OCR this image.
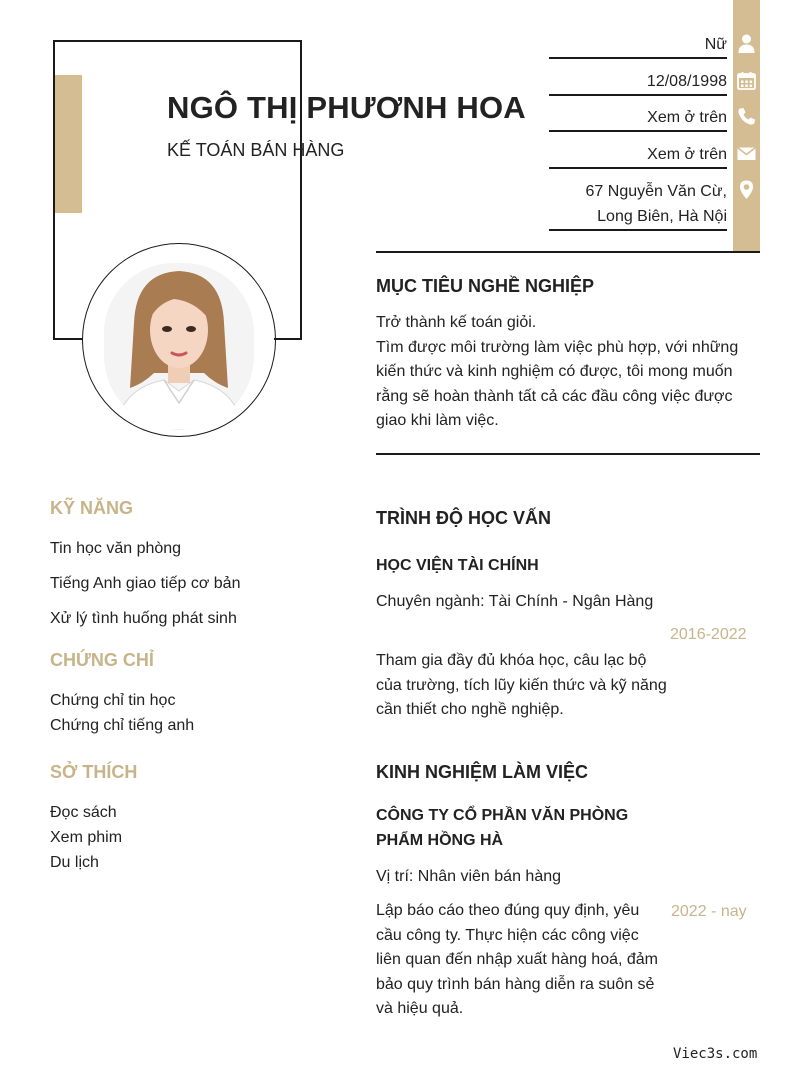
NGÔ THỊ PHƯƠNH HOA
KẾ TOÁN BÁN HÀNG
Nữ
12/08/1998
Xem ở trên
Xem ở trên
67 Nguyễn Văn Cừ,
Long Biên, Hà Nội
MỤC TIÊU NGHỀ NGHIỆP
Trở thành kế toán giỏi.
Tìm được môi trường làm việc phù hợp, với những kiến thức và kinh nghiệm có được, tôi mong muốn rằng sẽ hoàn thành tất cả các đầu công việc được giao khi làm việc.
KỸ NĂNG
Tin học văn phòng
Tiếng Anh giao tiếp cơ bản
Xử lý tình huống phát sinh
CHỨNG CHỈ
Chứng chỉ tin học
Chứng chỉ tiếng anh
SỞ THÍCH
Đọc sách
Xem phim
Du lịch
TRÌNH ĐỘ HỌC VẤN
HỌC VIỆN TÀI CHÍNH
Chuyên ngành: Tài Chính - Ngân Hàng
2016-2022
Tham gia đầy đủ khóa học, câu lạc bộ của trường, tích lũy kiến thức và kỹ năng cần thiết cho nghề nghiệp.
KINH NGHIỆM LÀM VIỆC
CÔNG TY CỔ PHẦN VĂN PHÒNG PHẨM HỒNG HÀ
Vị trí: Nhân viên bán hàng
2022 - nay
Lập báo cáo theo đúng quy định, yêu cầu công ty. Thực hiện các công việc liên quan đến nhập xuất hàng hoá, đảm bảo quy trình bán hàng diễn ra suôn sẻ và hiệu quả.
Viec3s.com
